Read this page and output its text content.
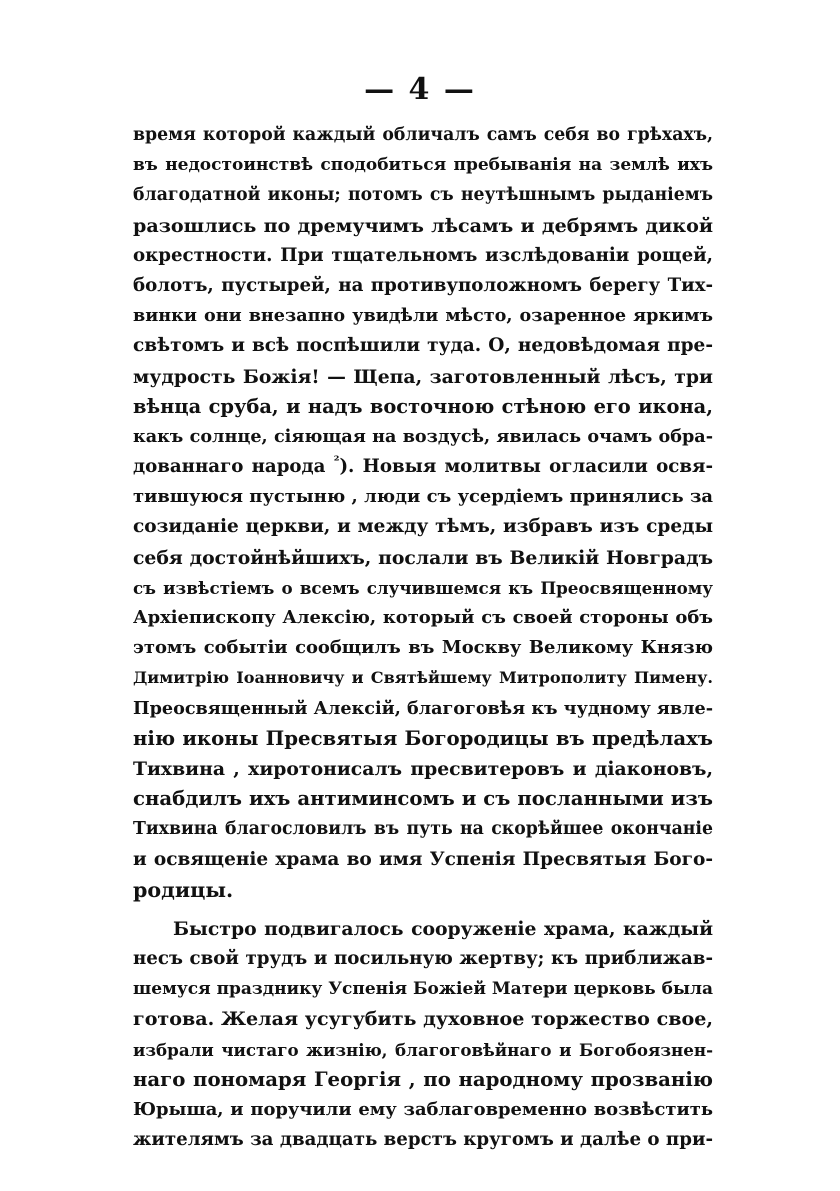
— 4 —
время которой каждый обличалъ самъ себя во грѣхахъ,
въ недостоинствѣ сподобиться пребыванія на землѣ ихъ
благодатной иконы; потомъ съ неутѣшнымъ рыданіемъ
разошлись по дремучимъ лѣсамъ и дебрямъ дикой
окрестности. При тщательномъ изслѣдованіи рощей,
болотъ, пустырей, на противуположномъ берегу Тих-
винки они внезапно увидѣли мѣсто, озаренное яркимъ
свѣтомъ и всѣ поспѣшили туда. О, недовѣдомая пре-
мудрость Божія! — Щепа, заготовленный лѣсъ, три
вѣнца сруба, и надъ восточною стѣною его икона,
какъ солнце, сіяющая на воздусѣ, явилась очамъ обра-
дованнаго народа $^{^2}$). Новыя молитвы огласили освя-
тившуюся пустыню , люди съ усердіемъ принялись за
созиданіе церкви, и между тѣмъ, избравъ изъ среды
себя достойнѣйшихъ, послали въ Великій Новградъ
съ извѣстіемъ о всемъ случившемся къ Преосвященному
Архіепископу Алексію, который съ своей стороны объ
этомъ событіи сообщилъ въ Москву Великому Князю
Димитрію Іоанновичу и Святѣйшему Митрополиту Пимену.
Преосвященный Алексій, благоговѣя къ чудному явле-
нію иконы Пресвятыя Богородицы въ предѣлахъ
Тихвина , хиротонисалъ пресвитеровъ и діаконовъ,
снабдилъ ихъ антиминсомъ и съ посланными изъ
Тихвина благословилъ въ путь на скорѣйшее окончаніе
и освященіе храма во имя Успенія Пресвятыя Бого-
родицы.
Быстро подвигалось сооруженіе храма, каждый
несъ свой трудъ и посильную жертву; къ приближав-
шемуся празднику Успенія Божіей Матери церковь была
готова. Желая усугубить духовное торжество свое,
избрали чистаго жизнію, благоговѣйнаго и Богобоязнен-
наго пономаря Георгія , по народному прозванію
Юрыша, и поручили ему заблаговременно возвѣстить
жителямъ за двадцать верстъ кругомъ и далѣе о при-
